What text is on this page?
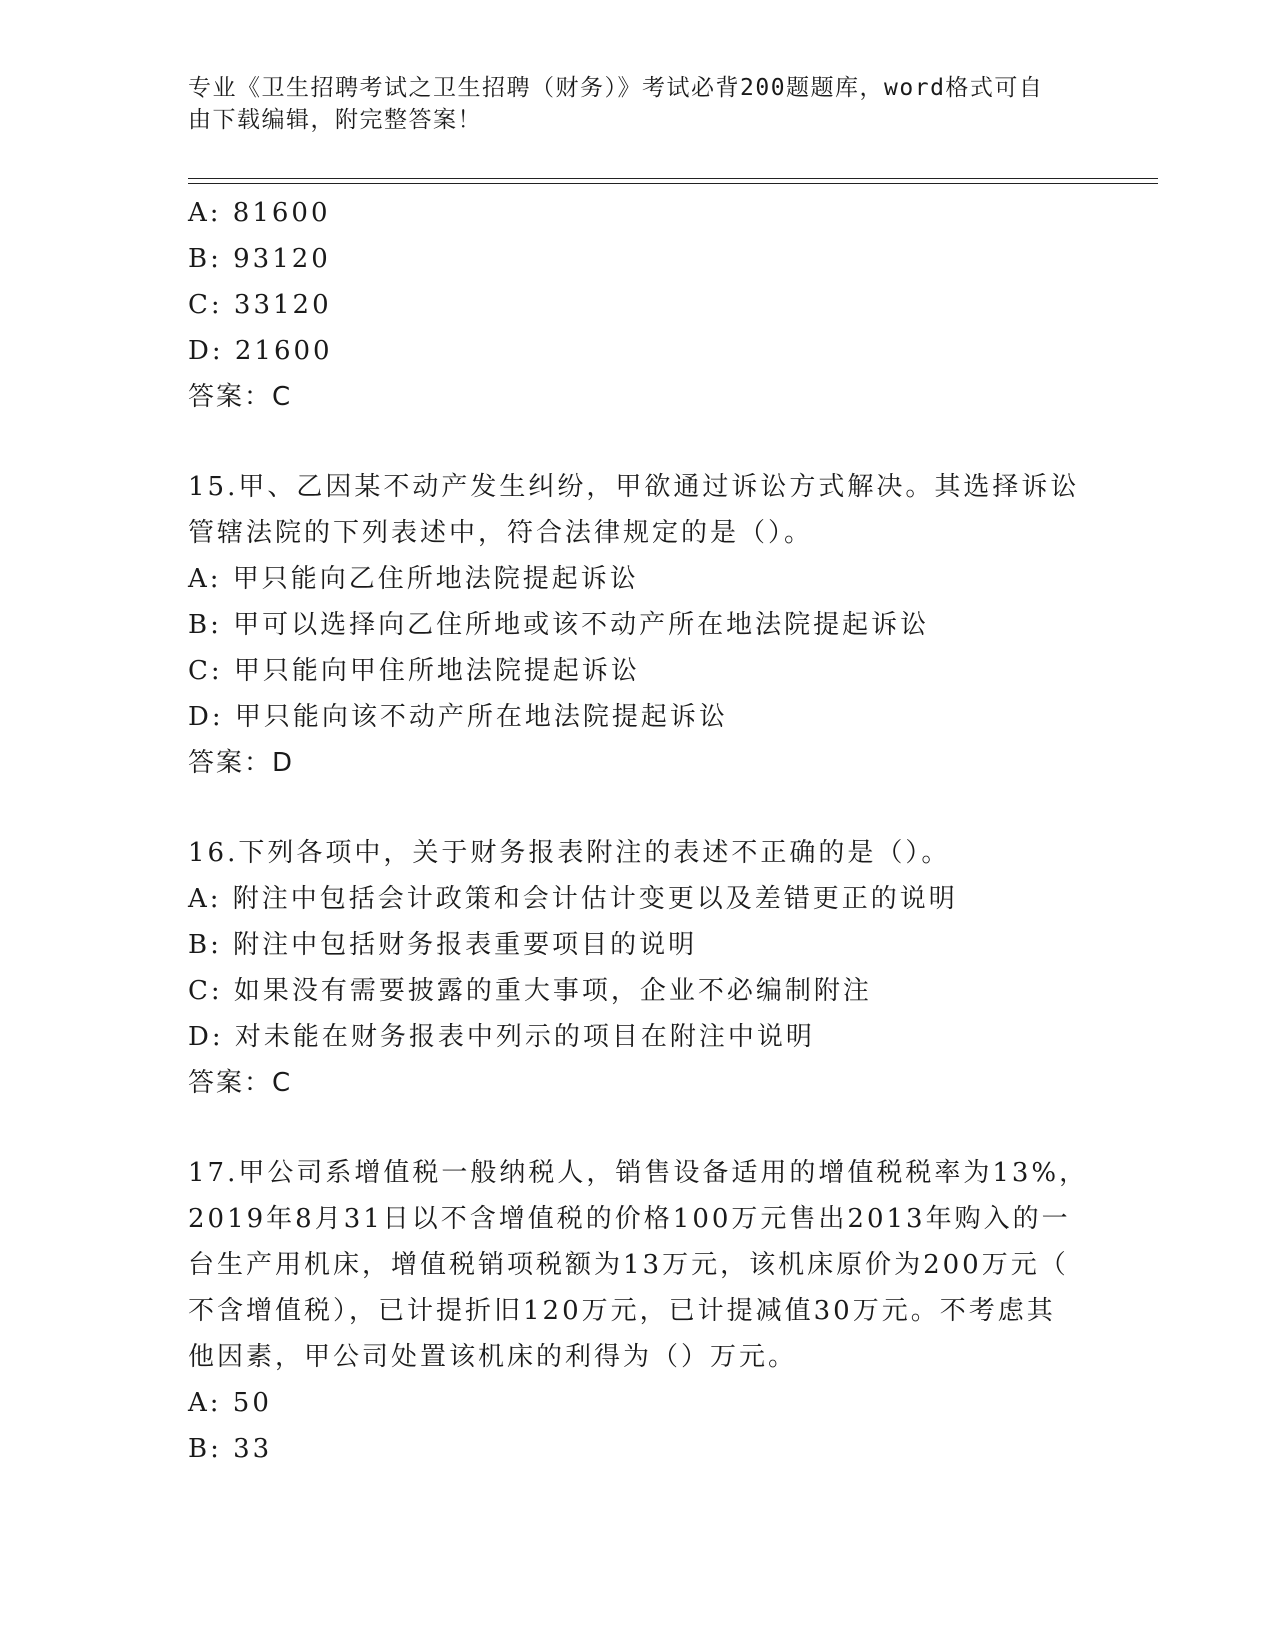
专业《卫生招聘考试之卫生招聘（财务）》考试必背200题题库，word格式可自
由下载编辑，附完整答案！
A: 81600
B: 93120
C: 33120
D: 21600
答案：C
15.甲、乙因某不动产发生纠纷，甲欲通过诉讼方式解决。其选择诉讼
管辖法院的下列表述中，符合法律规定的是（）。
A: 甲只能向乙住所地法院提起诉讼
B: 甲可以选择向乙住所地或该不动产所在地法院提起诉讼
C: 甲只能向甲住所地法院提起诉讼
D: 甲只能向该不动产所在地法院提起诉讼
答案：D
16.下列各项中，关于财务报表附注的表述不正确的是（）。
A: 附注中包括会计政策和会计估计变更以及差错更正的说明
B: 附注中包括财务报表重要项目的说明
C: 如果没有需要披露的重大事项，企业不必编制附注
D: 对未能在财务报表中列示的项目在附注中说明
答案：C
17.甲公司系增值税一般纳税人，销售设备适用的增值税税率为13%，
2019年8月31日以不含增值税的价格100万元售出2013年购入的一
台生产用机床，增值税销项税额为13万元，该机床原价为200万元（
不含增值税），已计提折旧120万元，已计提减值30万元。不考虑其
他因素，甲公司处置该机床的利得为（）万元。
A: 50
B: 33
